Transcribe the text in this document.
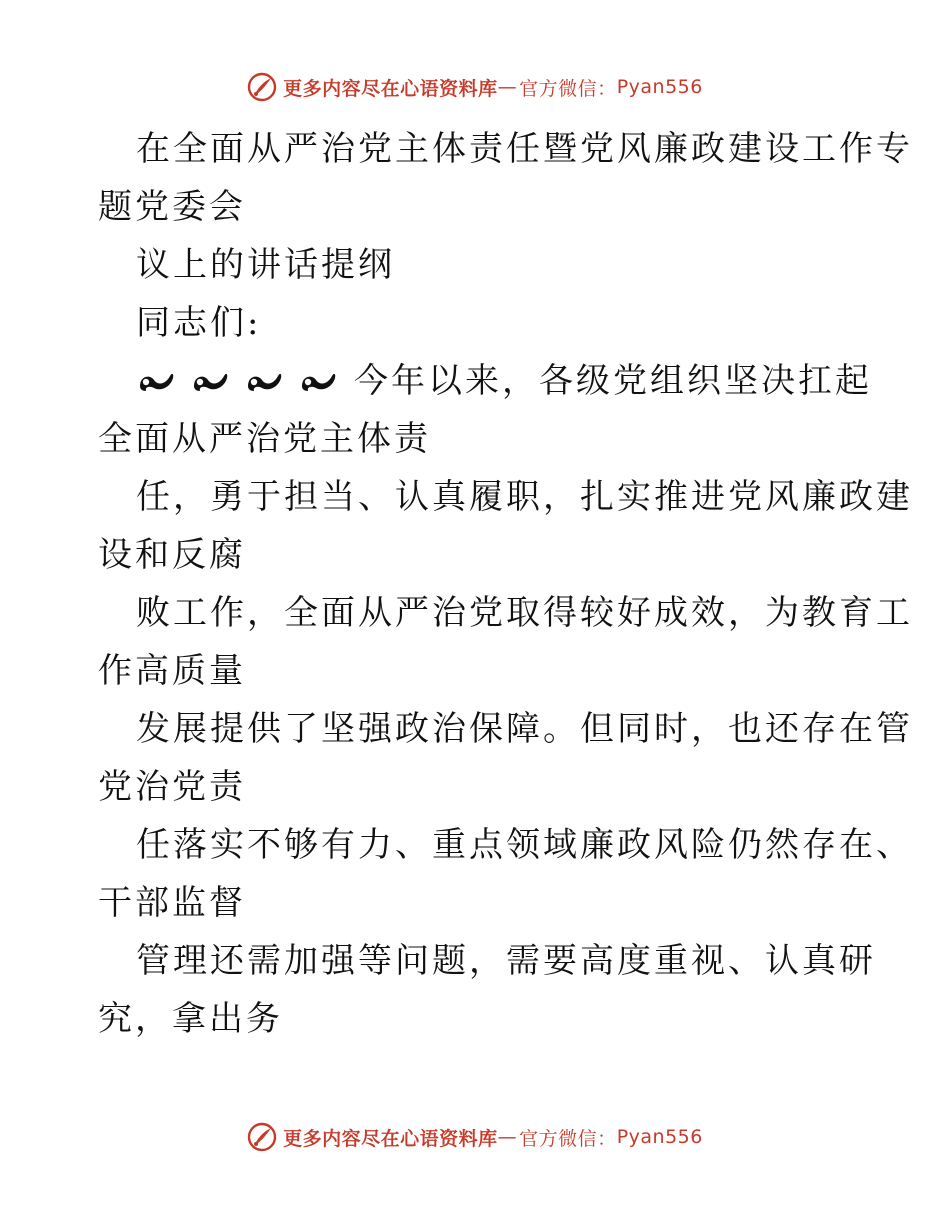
更多内容尽在心语资料库 — 官方微信： Pyan556
在全面从严治党主体责任暨党风廉政建设工作专
题党委会
议上的讲话提纲
同志们:
今年以来，各级党组织坚决扛起
全面从严治党主体责
任，勇于担当、认真履职，扎实推进党风廉政建
设和反腐
败工作，全面从严治党取得较好成效，为教育工
作高质量
发展提供了坚强政治保障。但同时，也还存在管
党治党责
任落实不够有力、重点领域廉政风险仍然存在、
干部监督
管理还需加强等问题，需要高度重视、认真研
究，拿出务
更多内容尽在心语资料库 — 官方微信： Pyan556
